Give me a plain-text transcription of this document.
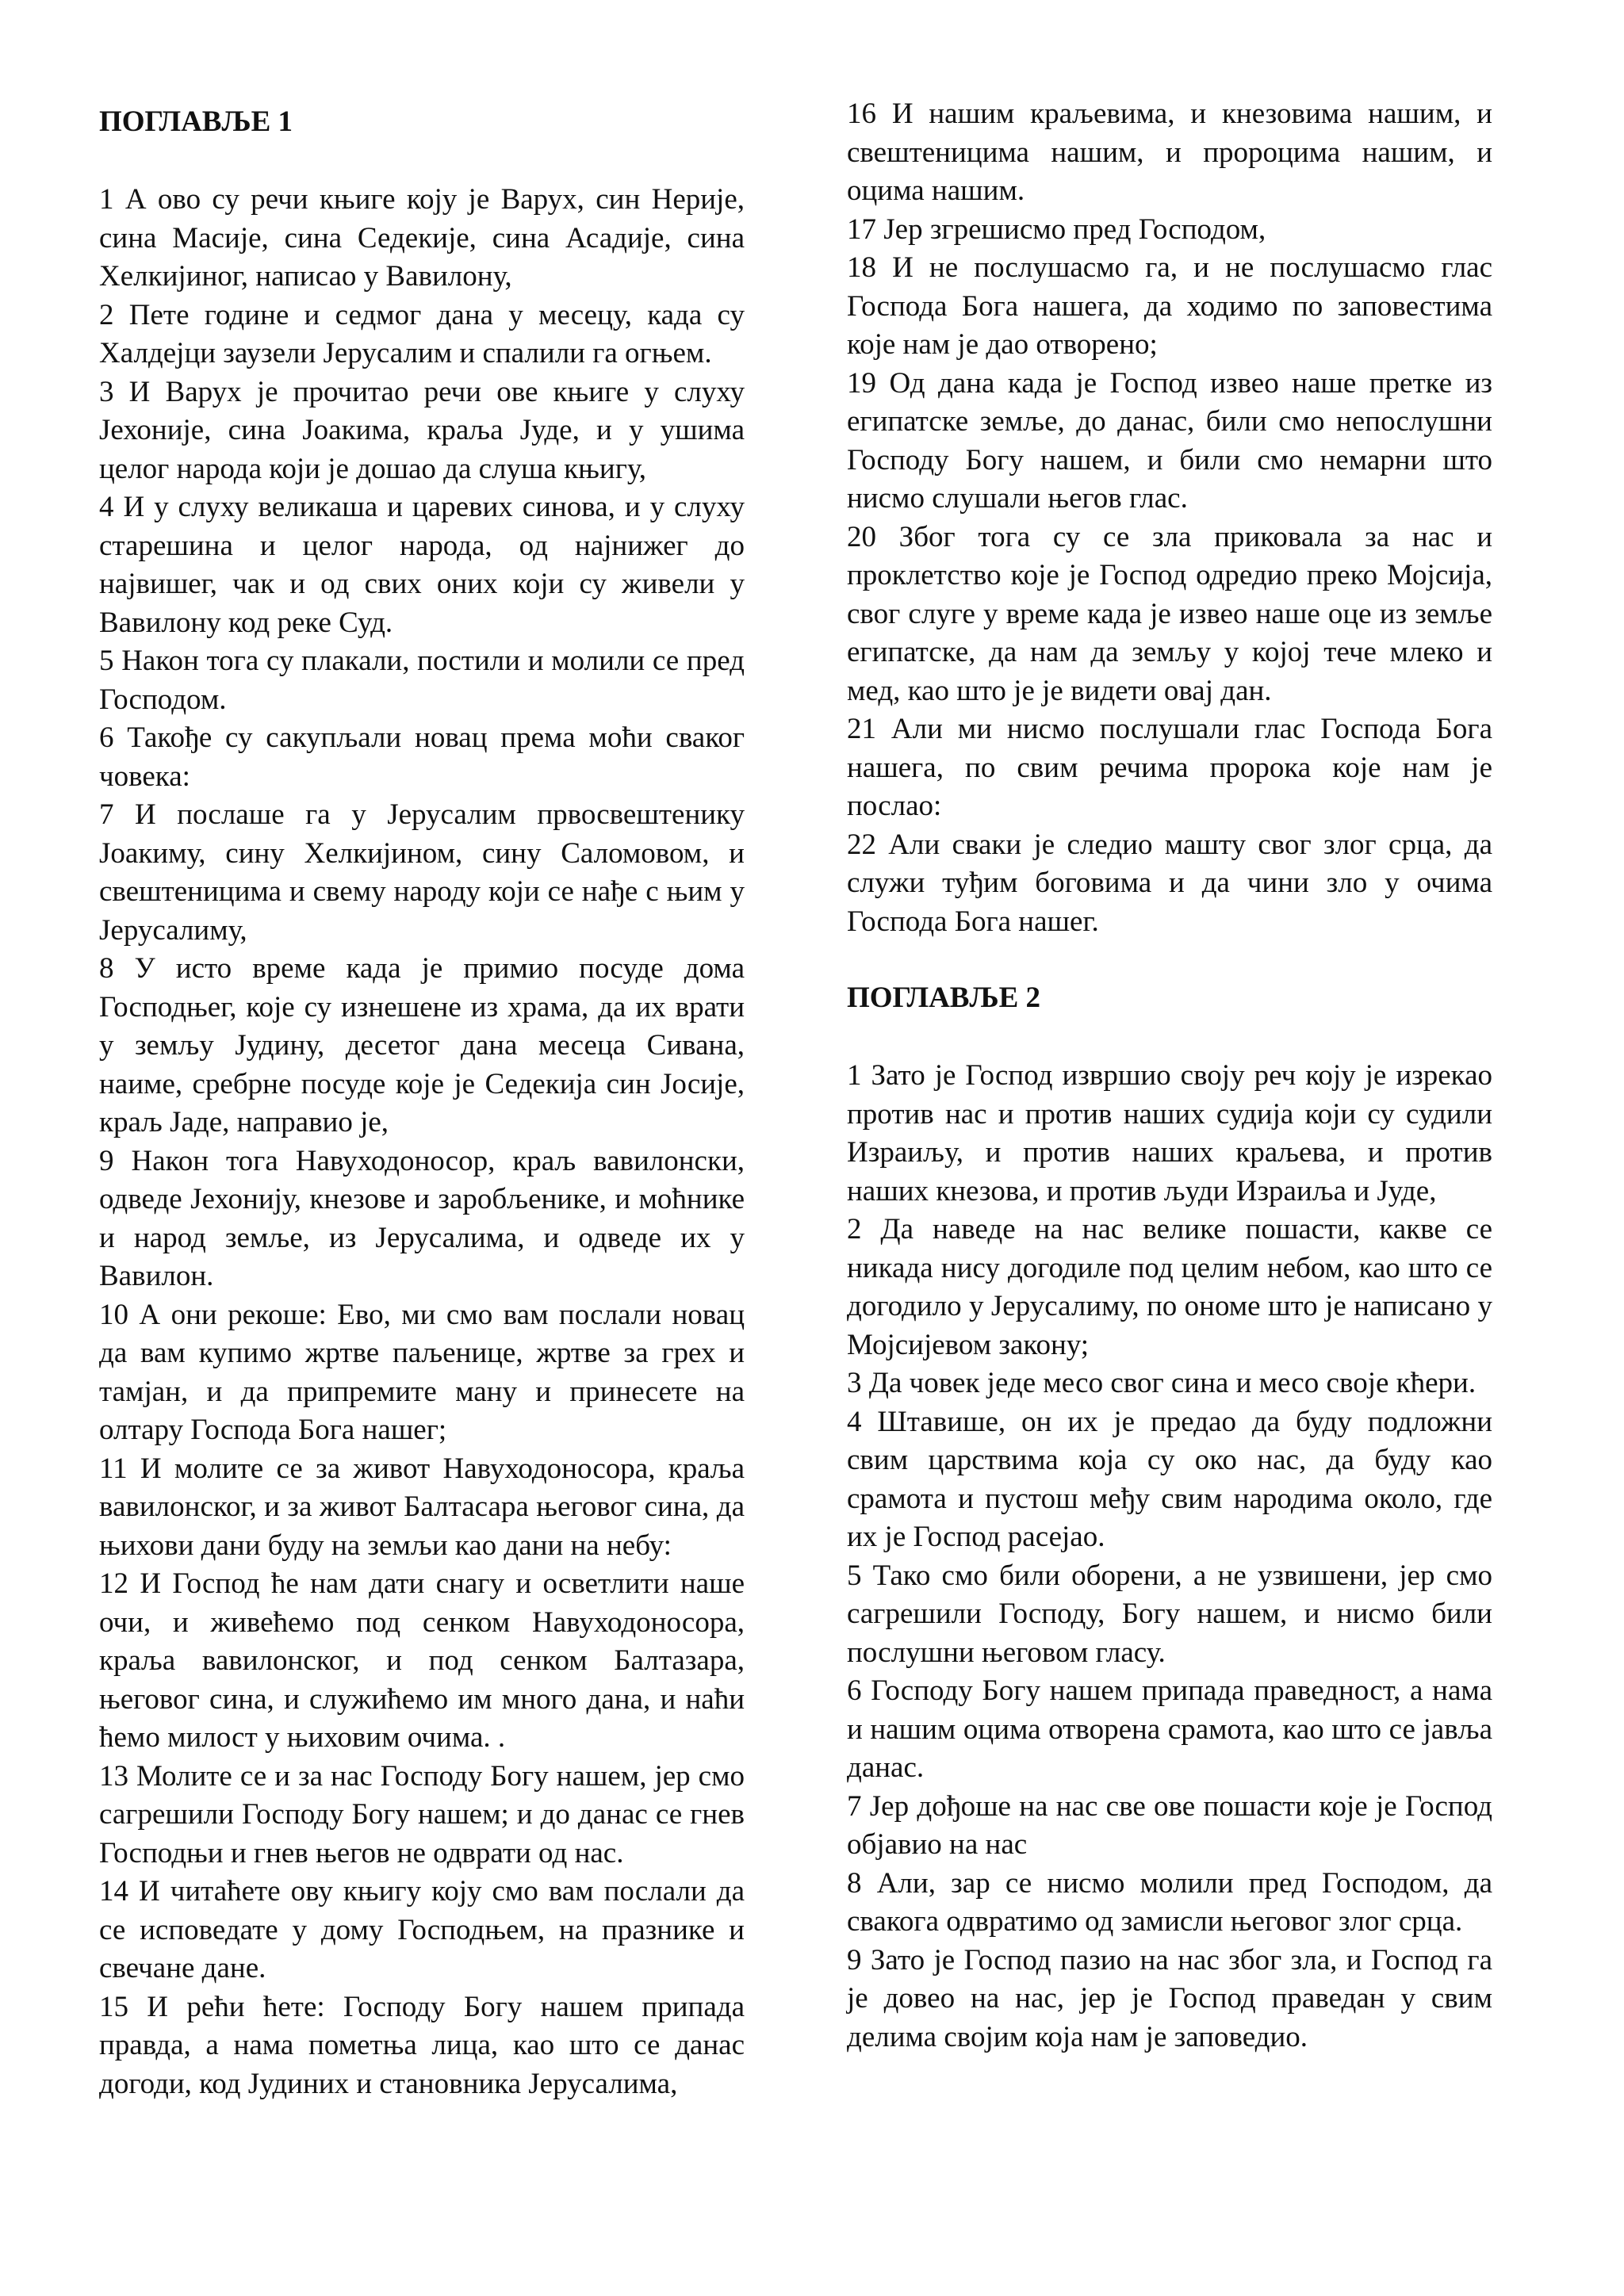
ПОГЛАВЉЕ 1

1 А ово су речи књиге коју је Варух, син Нерије, сина Масије, сина Седекије, сина Асадије, сина Хелкијиног, написао у Вавилону,

2 Пете године и седмог дана у месецу, када су Халдејци заузели Јерусалим и спалили га огњем.

3 И Варух је прочитао речи ове књиге у слуху Јехоније, сина Јоакима, краља Јуде, и у ушима целог народа који је дошао да слуша књигу,

4 И у слуху великаша и царевих синова, и у слуху старешина и целог народа, од најнижег до највишег, чак и од свих оних који су живели у Вавилону код реке Суд.

5 Након тога су плакали, постили и молили се пред Господом.

6 Такође су сакупљали новац према моћи сваког човека:

7 И послаше га у Јерусалим првосвештенику Јоакиму, сину Хелкијином, сину Саломовом, и свештеницима и свему народу који се нађе с њим у Јерусалиму,

8 У исто време када је примио посуде дома Господњег, које су изнешене из храма, да их врати у земљу Јудину, десетог дана месеца Сивана, наиме, сребрне посуде које је Седекија син Јосије, краљ Јаде, направио је,

9 Након тога Навуходоносор, краљ вавилонски, одведе Јехонију, кнезове и заробљенике, и моћнике и народ земље, из Јерусалима, и одведе их у Вавилон.

10 А они рекоше: Ево, ми смо вам послали новац да вам купимо жртве паљенице, жртве за грех и тамјан, и да припремите ману и принесете на олтару Господа Бога нашег;

11 И молите се за живот Навуходоносора, краља вавилонског, и за живот Балтасара његовог сина, да њихови дани буду на земљи као дани на небу:

12 И Господ ће нам дати снагу и осветлити наше очи, и живећемо под сенком Навуходоносора, краља вавилонског, и под сенком Балтазара, његовог сина, и служићемо им много дана, и наћи ћемо милост у њиховим очима. .

13 Молите се и за нас Господу Богу нашем, јер смо сагрешили Господу Богу нашем; и до данас се гнев Господњи и гнев његов не одврати од нас.

14 И читаћете ову књигу коју смо вам послали да се исповедате у дому Господњем, на празнике и свечане дане.

15 И рећи ћете: Господу Богу нашем припада правда, а нама пометња лица, као што се данас догоди, код Јудиних и становника Јерусалима,

16 И нашим краљевима, и кнезовима нашим, и свештеницима нашим, и пророцима нашим, и оцима нашим.

17 Јер згрешисмо пред Господом,

18 И не послушасмо га, и не послушасмо глас Господа Бога нашега, да ходимо по заповестима које нам је дао отворено;

19 Од дана када је Господ извео наше претке из египатске земље, до данас, били смо непослушни Господу Богу нашем, и били смо немарни што нисмо слушали његов глас.

20 Због тога су се зла приковала за нас и проклетство које је Господ одредио преко Мојсија, свог слуге у време када је извео наше оце из земље египатске, да нам да земљу у којој тече млеко и мед, као што је је видети овај дан.

21 Али ми нисмо послушали глас Господа Бога нашега, по свим речима пророка које нам је послао:

22 Али сваки је следио машту свог злог срца, да служи туђим боговима и да чини зло у очима Господа Бога нашег.

ПОГЛАВЉЕ 2

1 Зато је Господ извршио своју реч коју је изрекао против нас и против наших судија који су судили Израиљу, и против наших краљева, и против наших кнезова, и против људи Израиља и Јуде,

2 Да наведе на нас велике пошасти, какве се никада нису догодиле под целим небом, као што се догодило у Јерусалиму, по ономе што је написано у Мојсијевом закону;

3 Да човек једе месо свог сина и месо своје кћери.

4 Штавише, он их је предао да буду подложни свим царствима која су око нас, да буду као срамота и пустош међу свим народима около, где их је Господ расејао.

5 Тако смо били оборени, а не узвишени, јер смо сагрешили Господу, Богу нашем, и нисмо били послушни његовом гласу.

6 Господу Богу нашем припада праведност, а нама и нашим оцима отворена срамота, као што се јавља данас.

7 Јер дођоше на нас све ове пошасти које је Господ објавио на нас

8 Али, зар се нисмо молили пред Господом, да свакога одвратимо од замисли његовог злог срца.

9 Зато је Господ пазио на нас због зла, и Господ га је довео на нас, јер је Господ праведан у свим делима својим која нам је заповедио.
